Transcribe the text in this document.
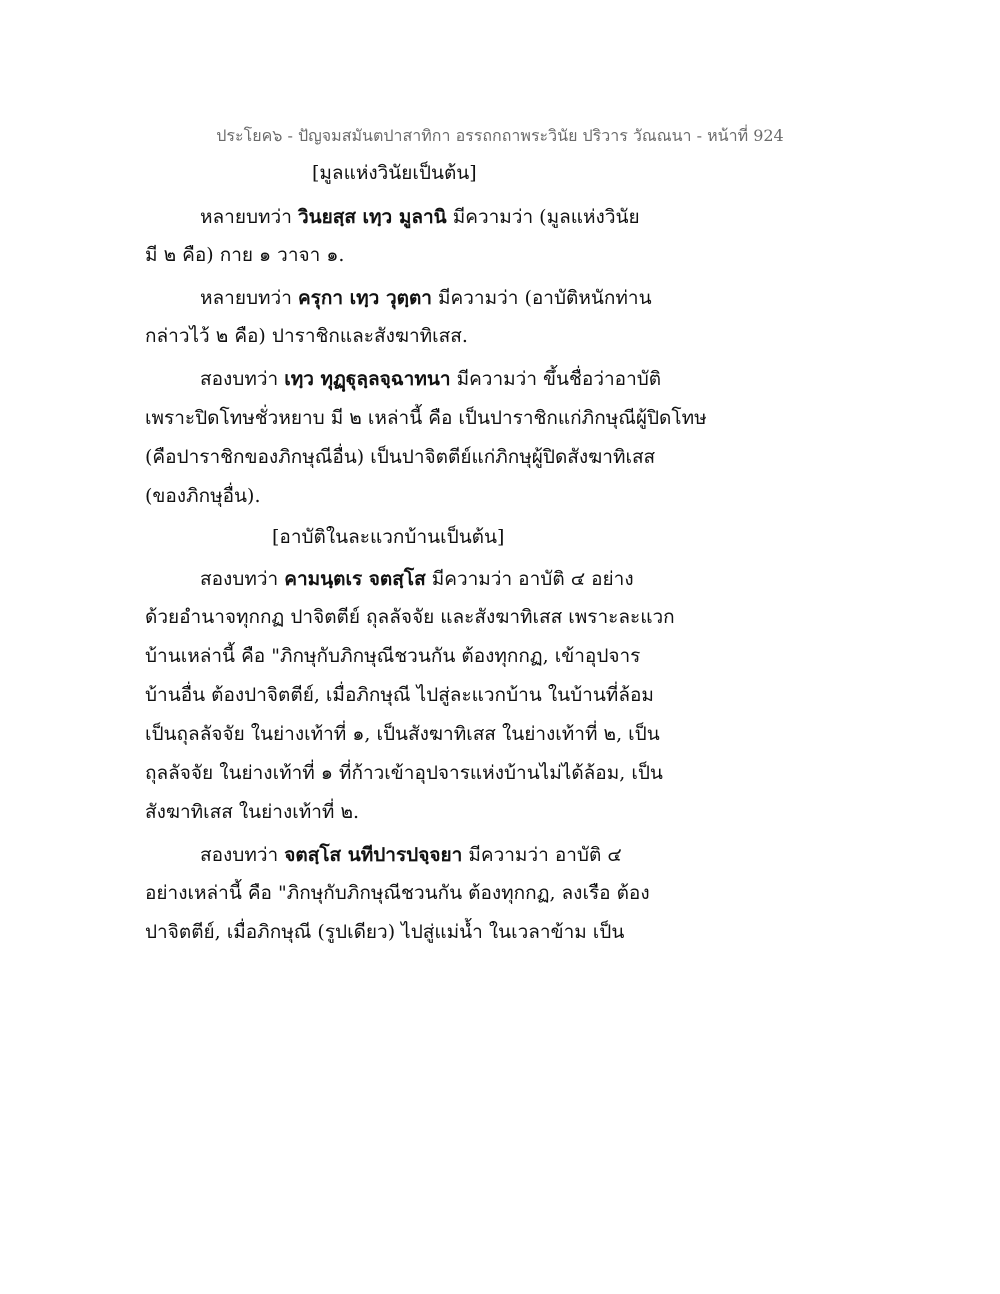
ประโยค๖ - ปัญจมสมันตปาสาทิกา อรรถกถาพระวินัย ปริวาร วัณณนา - หน้าที่ 924
[มูลแห่งวินัยเป็นต้น]
หลายบทว่า วินยสฺส เทฺว มูลานิ มีความว่า (มูลแห่งวินัย
มี ๒ คือ) กาย ๑ วาจา ๑.
หลายบทว่า ครุกา เทฺว วุตฺตา มีความว่า (อาบัติหนักท่าน
กล่าวไว้ ๒ คือ) ปาราชิกและสังฆาทิเสส.
สองบทว่า เทฺว ทุฏฺฐุลฺลจฺฉาทนา มีความว่า ขึ้นชื่อว่าอาบัติ
เพราะปิดโทษชั่วหยาบ มี ๒ เหล่านี้ คือ เป็นปาราชิกแก่ภิกษุณีผู้ปิดโทษ
(คือปาราชิกของภิกษุณีอื่น) เป็นปาจิตตีย์แก่ภิกษุผู้ปิดสังฆาทิเสส
(ของภิกษุอื่น).
[อาบัติในละแวกบ้านเป็นต้น]
สองบทว่า คามนฺตเร จตสฺโส มีความว่า อาบัติ ๔ อย่าง
ด้วยอำนาจทุกกฏ ปาจิตตีย์ ถุลลัจจัย และสังฆาทิเสส เพราะละแวก
บ้านเหล่านี้ คือ "ภิกษุกับภิกษุณีชวนกัน ต้องทุกกฏ, เข้าอุปจาร
บ้านอื่น ต้องปาจิตตีย์, เมื่อภิกษุณี ไปสู่ละแวกบ้าน ในบ้านที่ล้อม
เป็นถุลลัจจัย ในย่างเท้าที่ ๑, เป็นสังฆาทิเสส ในย่างเท้าที่ ๒, เป็น
ถุลลัจจัย ในย่างเท้าที่ ๑ ที่ก้าวเข้าอุปจารแห่งบ้านไม่ได้ล้อม, เป็น
สังฆาทิเสส ในย่างเท้าที่ ๒.
สองบทว่า จตสฺโส นทีปารปจฺจยา มีความว่า อาบัติ ๔
อย่างเหล่านี้ คือ "ภิกษุกับภิกษุณีชวนกัน ต้องทุกกฏ, ลงเรือ ต้อง
ปาจิตตีย์, เมื่อภิกษุณี (รูปเดียว) ไปสู่แม่น้ำ ในเวลาข้าม เป็น
